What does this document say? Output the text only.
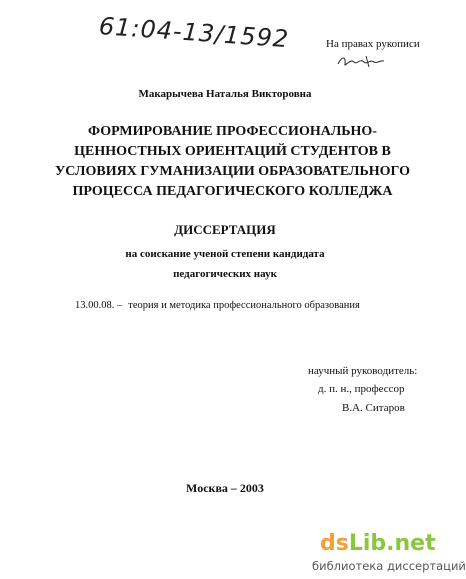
61:04-13/1592	На правах рукописи
Макарычева Наталья Викторовна
ФОРМИРОВАНИЕ ПРОФЕССИОНАЛЬНО-
ЦЕННОСТНЫХ ОРИЕНТАЦИЙ СТУДЕНТОВ В
УСЛОВИЯХ ГУМАНИЗАЦИИ ОБРАЗОВАТЕЛЬНОГО
ПРОЦЕССА ПЕДАГОГИЧЕСКОГО КОЛЛЕДЖА
ДИССЕРТАЦИЯ
на соискание ученой степени кандидата
педагогических наук
13.00.08. – теория и методика профессионального образования
научный руководитель:
д. п. н., профессор
В.А. Ситаров
Москва – 2003
dsLib.net
библиотека диссертаций
